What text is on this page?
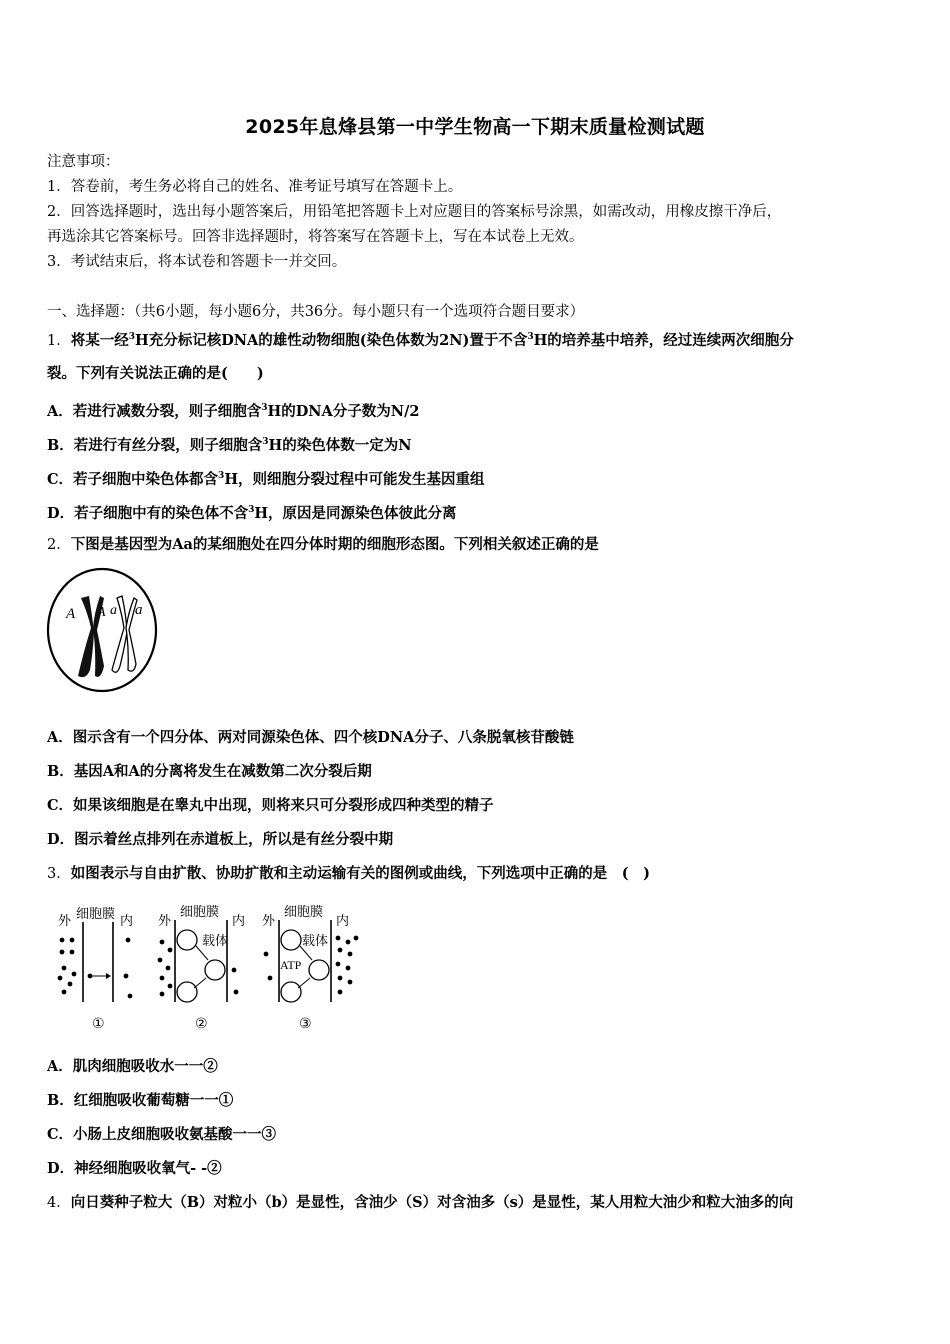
2025年息烽县第一中学生物高一下期末质量检测试题
注意事项：
1．答卷前，考生务必将自己的姓名、准考证号填写在答题卡上。
2．回答选择题时，选出每小题答案后，用铅笔把答题卡上对应题目的答案标号涂黑，如需改动，用橡皮擦干净后，
再选涂其它答案标号。回答非选择题时，将答案写在答题卡上，写在本试卷上无效。
3．考试结束后，将本试卷和答题卡一并交回。
一、选择题：（共6小题，每小题6分，共36分。每小题只有一个选项符合题目要求）
1．将某一经$^3$H充分标记核DNA的雄性动物细胞(染色体数为2N)置于不含$^3$H的培养基中培养，经过连续两次细胞分
裂。下列有关说法正确的是(　　)
A．若进行减数分裂，则子细胞含$^3$H的DNA分子数为N/2
B．若进行有丝分裂，则子细胞含$^3$H的染色体数一定为N
C．若子细胞中染色体都含$^3$H，则细胞分裂过程中可能发生基因重组
D．若子细胞中有的染色体不含$^3$H，原因是同源染色体彼此分离
2．下图是基因型为Aa的某细胞处在四分体时期的细胞形态图。下列相关叙述正确的是
A A a a
A．图示含有一个四分体、两对同源染色体、四个核DNA分子、八条脱氧核苷酸链
B．基因A和A的分离将发生在减数第二次分裂后期
C．如果该细胞是在睾丸中出现，则将来只可分裂形成四种类型的精子
D．图示着丝点排列在赤道板上，所以是有丝分裂中期
3．如图表示与自由扩散、协助扩散和主动运输有关的图例或曲线，下列选项中正确的是　(　)
细胞膜
外	内
①
细胞膜
外	内
载体
②
细胞膜
外	内
载体
ATP
③
A．肌肉细胞吸收水一一②
B．红细胞吸收葡萄糖一一①
C．小肠上皮细胞吸收氨基酸一一③
D．神经细胞吸收氧气- -②
4．向日葵种子粒大（B）对粒小（b）是显性，含油少（S）对含油多（s）是显性，某人用粒大油少和粒大油多的向
